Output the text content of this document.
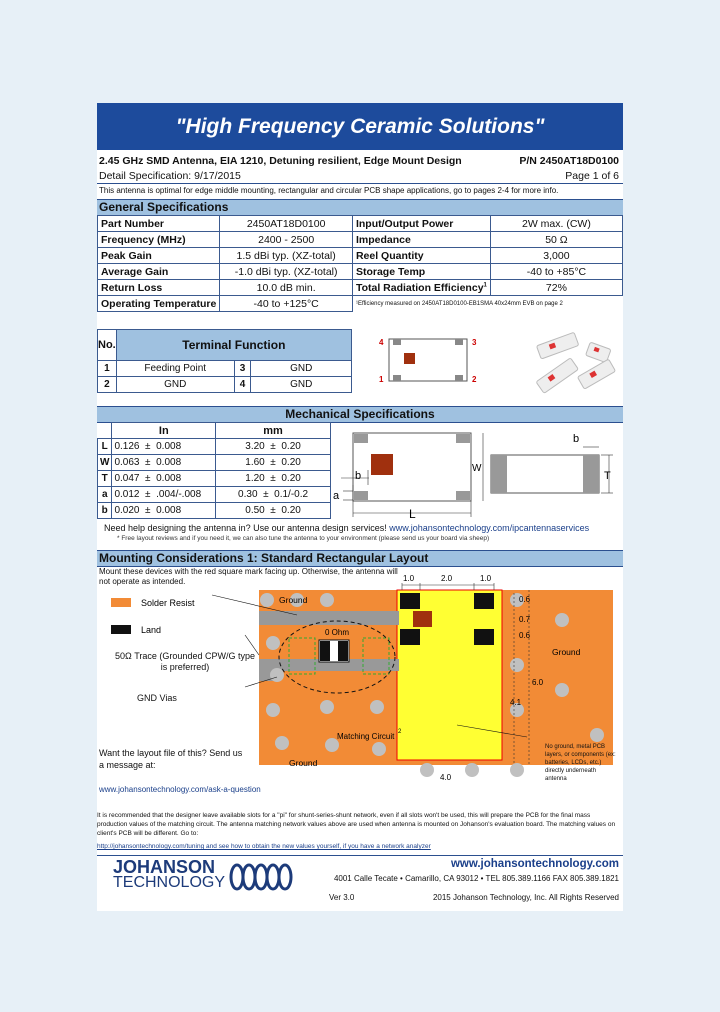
"High Frequency Ceramic Solutions"
2.45 GHz SMD Antenna, EIA 1210, Detuning resilient, Edge Mount Design	P/N 2450AT18D0100
Detail Specification: 9/17/2015	Page 1 of 6
This antenna is optimal for edge middle mounting, rectangular and circular PCB shape applications, go to pages 2-4 for more info.
General Specifications
Part Number	2450AT18D0100	Input/Output Power	2W max. (CW)
Frequency (MHz)	2400 - 2500	Impedance	50 Ω
Peak Gain	1.5 dBi typ. (XZ-total)	Reel Quantity	3,000
Average Gain	-1.0 dBi typ. (XZ-total)	Storage Temp	-40 to +85°C
Return Loss	10.0 dB min.	Total Radiation Efficiency$^1$	72%
Operating Temperature	-40 to +125°C	¹Efficiency measured on 2450AT18D0100-EB1SMA 40x24mm EVB on page 2	
No.	Terminal Function		
1	Feeding Point	3	GND
2	GND	4	GND
4	3
1	2
Mechanical Specifications
	In	mm
L	0.126 ± 0.008	3.20 ± 0.20
W	0.063 ± 0.008	1.60 ± 0.20
T	0.047 ± 0.008	1.20 ± 0.20
a	0.012 ± .004/-.008	0.30 ± 0.1/-0.2
b	0.020 ± 0.008	0.50 ± 0.20
b
a
L
W
b
T
Need help designing the antenna in? Use our antenna design services! www.johansontechnology.com/ipcantennaservices
* Free layout reviews and if you need it, we can also tune the antenna to your environment (please send us your board via sheep)
Mounting Considerations 1: Standard Rectangular Layout
Mount these devices with the red square mark facing up. Otherwise, the antenna will not operate as intended.
Solder Resist
Land
1.0	2.0	1.0
0.6
0.7
0.6
4.1
6.0
4.0
Ground
Ground
Ground
0 Ohm
Matching Circuit 2
50Ω Trace (Grounded CPW/G type is preferred)
GND Vias
No ground, metal PCB layers, or components (ex: batteries, LCDs, etc.) directly underneath antenna
Want the layout file of this? Send us a message at:
www.johansontechnology.com/ask-a-question
It is recommended that the designer leave available slots for a "pi" for shunt-series-shunt network, even if all slots won't be used, this will prepare the PCB for the final mass production values of the matching circuit. The antenna matching network values above are used when antenna is mounted on Johanson's evaluation board. The matching values on client's PCB will be different. Go to:
http://johansontechnology.com/tuning and see how to obtain the new values yourself, if you have a network analyzer
JOHANSON
TECHNOLOGY
www.johansontechnology.com
4001 Calle Tecate • Camarillo, CA 93012 • TEL 805.389.1166 FAX 805.389.1821
Ver 3.0	2015 Johanson Technology, Inc. All Rights Reserved
